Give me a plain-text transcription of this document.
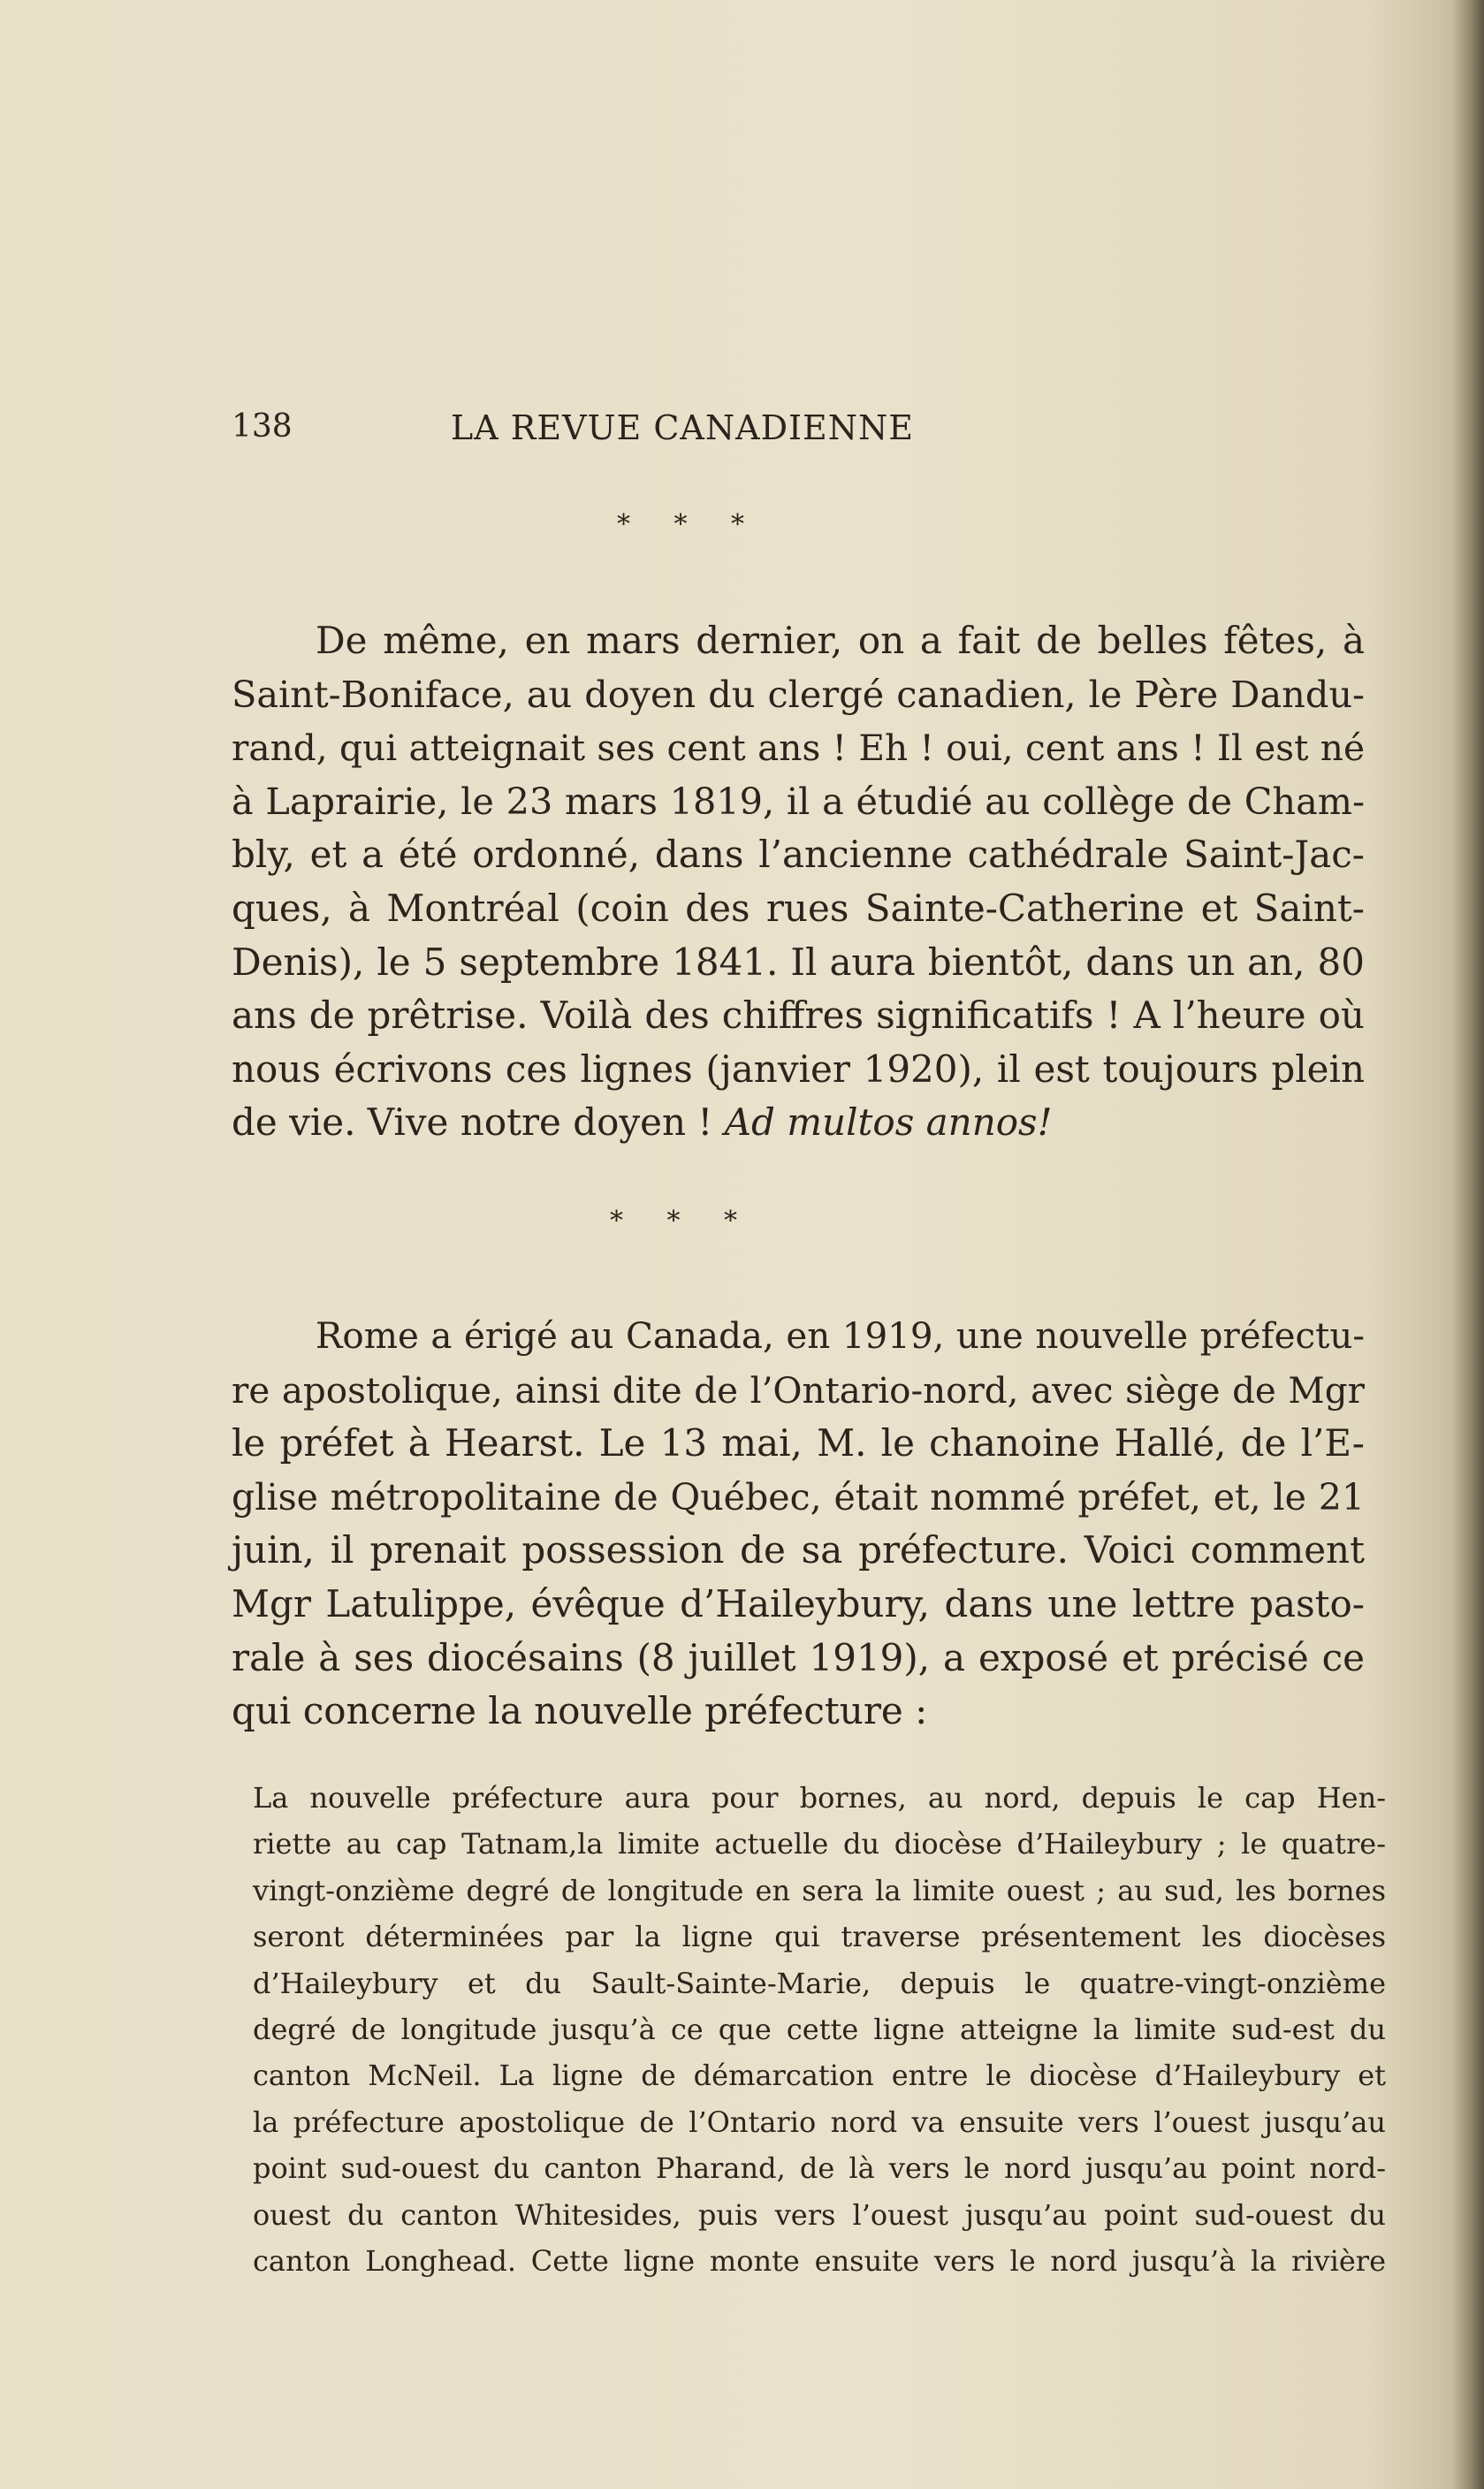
138	LA REVUE CANADIENNE
* * *
De même, en mars dernier, on a fait de belles fêtes, à
Saint-Boniface, au doyen du clergé canadien, le Père Dandu-
rand, qui atteignait ses cent ans ! Eh ! oui, cent ans ! Il est né
à Laprairie, le 23 mars 1819, il a étudié au collège de Cham-
bly, et a été ordonné, dans l’ancienne cathédrale Saint-Jac-
ques, à Montréal (coin des rues Sainte-Catherine et Saint-
Denis), le 5 septembre 1841. Il aura bientôt, dans un an, 80
ans de prêtrise. Voilà des chiffres significatifs ! A l’heure où
nous écrivons ces lignes (janvier 1920), il est toujours plein
de vie. Vive notre doyen ! Ad multos annos!
* * *
Rome a érigé au Canada, en 1919, une nouvelle préfectu-
re apostolique, ainsi dite de l’Ontario-nord, avec siège de Mgr
le préfet à Hearst. Le 13 mai, M. le chanoine Hallé, de l’E-
glise métropolitaine de Québec, était nommé préfet, et, le 21
juin, il prenait possession de sa préfecture. Voici comment
Mgr Latulippe, évêque d’Haileybury, dans une lettre pasto-
rale à ses diocésains (8 juillet 1919), a exposé et précisé ce
qui concerne la nouvelle préfecture :
La nouvelle préfecture aura pour bornes, au nord, depuis le cap Hen-
riette au cap Tatnam,la limite actuelle du diocèse d’Haileybury ; le quatre-
vingt-onzième degré de longitude en sera la limite ouest ; au sud, les bornes
seront déterminées par la ligne qui traverse présentement les diocèses
d’Haileybury et du Sault-Sainte-Marie, depuis le quatre-vingt-onzième
degré de longitude jusqu’à ce que cette ligne atteigne la limite sud-est du
canton McNeil. La ligne de démarcation entre le diocèse d’Haileybury et
la préfecture apostolique de l’Ontario nord va ensuite vers l’ouest jusqu’au
point sud-ouest du canton Pharand, de là vers le nord jusqu’au point nord-
ouest du canton Whitesides, puis vers l’ouest jusqu’au point sud-ouest du
canton Longhead. Cette ligne monte ensuite vers le nord jusqu’à la rivière
